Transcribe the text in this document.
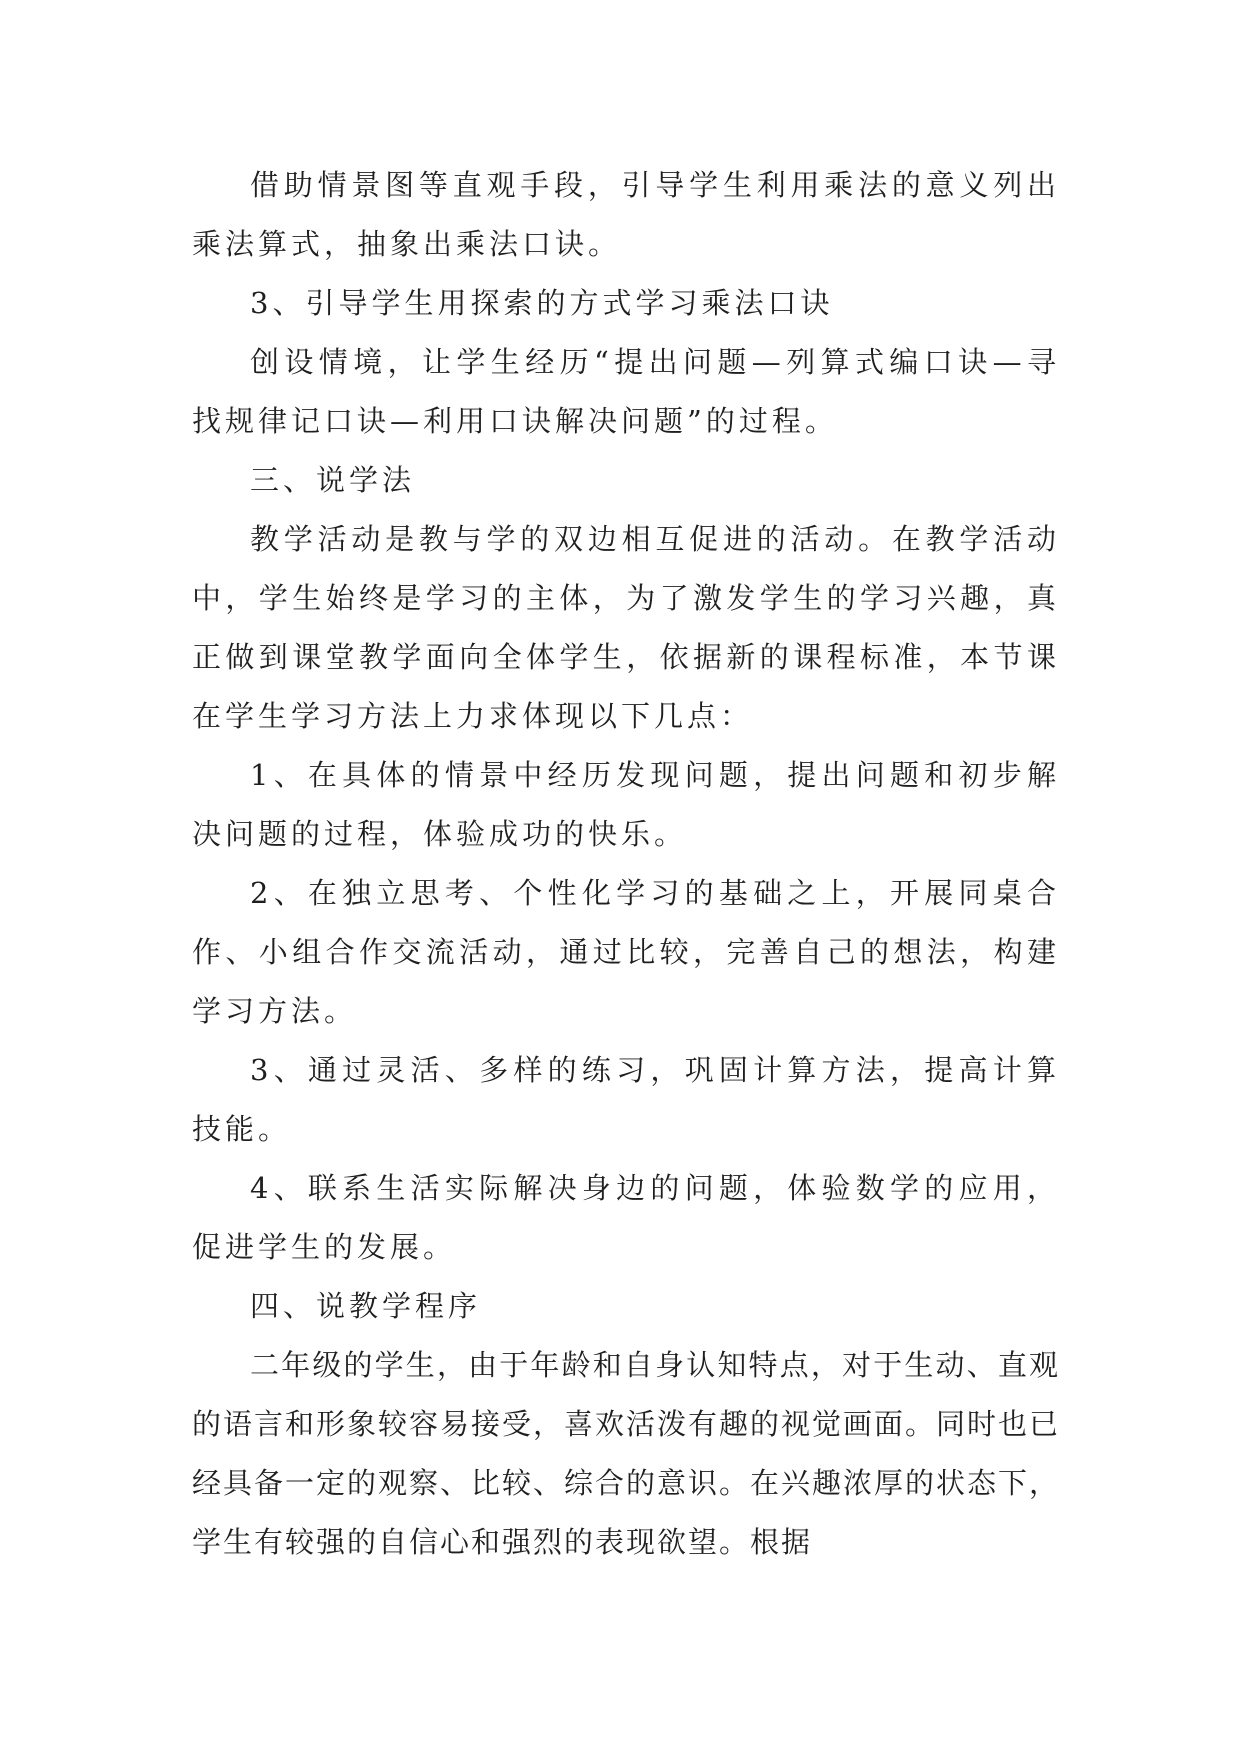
借助情景图等直观手段，引导学生利用乘法的意义列出乘法算式，抽象出乘法口诀。

3、引导学生用探索的方式学习乘法口诀

创设情境，让学生经历“提出问题—列算式编口诀—寻找规律记口诀—利用口诀解决问题”的过程。

三、说学法

教学活动是教与学的双边相互促进的活动。在教学活动中，学生始终是学习的主体，为了激发学生的学习兴趣，真正做到课堂教学面向全体学生，依据新的课程标准，本节课在学生学习方法上力求体现以下几点：

1、在具体的情景中经历发现问题，提出问题和初步解决问题的过程，体验成功的快乐。

2、在独立思考、个性化学习的基础之上，开展同桌合作、小组合作交流活动，通过比较，完善自己的想法，构建学习方法。

3、通过灵活、多样的练习，巩固计算方法，提高计算技能。

4、联系生活实际解决身边的问题，体验数学的应用，促进学生的发展。

四、说教学程序

二年级的学生，由于年龄和自身认知特点，对于生动、直观的语言和形象较容易接受，喜欢活泼有趣的视觉画面。同时也已经具备一定的观察、比较、综合的意识。在兴趣浓厚的状态下，学生有较强的自信心和强烈的表现欲望。根据
